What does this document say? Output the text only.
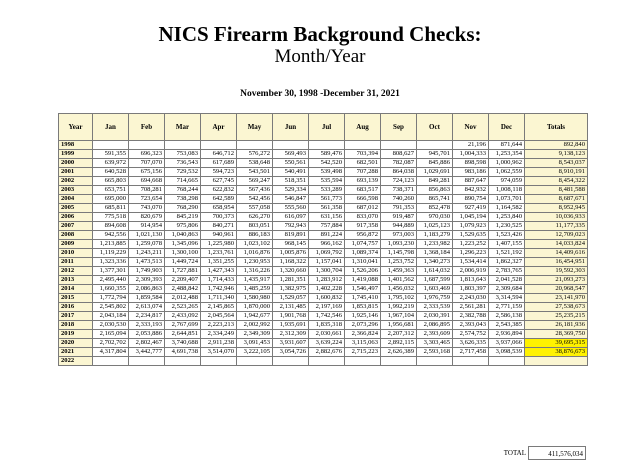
NICS Firearm Background Checks:
Month/Year
November 30, 1998 -December 31, 2021
Year	Jan	Feb	Mar	Apr	May	Jun	Jul	Aug	Sep	Oct	Nov	Dec	Totals
1998											21,196	871,644	892,840
1999	591,355	696,323	753,083	646,712	576,272	569,493	589,476	703,394	808,627	945,701	1,004,333	1,253,354	9,138,123
2000	639,972	707,070	736,543	617,689	538,648	550,561	542,520	682,501	782,087	845,886	898,598	1,000,962	8,543,037
2001	640,528	675,156	729,532	594,723	543,501	540,491	539,498	707,288	864,038	1,029,691	983,186	1,062,559	8,910,191
2002	665,803	694,668	714,665	627,745	569,247	518,351	535,594	693,139	724,123	849,281	887,647	974,059	8,454,322
2003	653,751	708,281	768,244	622,832	567,436	529,334	533,289	683,517	738,371	856,863	842,932	1,008,118	8,481,588
2004	695,000	723,654	738,298	642,589	542,456	546,847	561,773	666,598	740,260	865,741	890,754	1,073,701	8,687,671
2005	685,811	743,070	768,290	658,954	557,058	555,560	561,358	687,012	791,353	852,478	927,419	1,164,582	8,952,945
2006	775,518	820,679	845,219	700,373	626,270	616,097	631,156	833,070	919,487	970,030	1,045,194	1,253,840	10,036,933
2007	894,608	914,954	975,806	840,271	803,051	792,943	757,884	917,358	944,889	1,025,123	1,079,923	1,230,525	11,177,335
2008	942,556	1,021,130	1,040,863	940,961	886,183	819,891	891,224	956,872	973,003	1,183,279	1,529,635	1,523,426	12,709,023
2009	1,213,885	1,259,078	1,345,096	1,225,980	1,023,102	968,145	966,162	1,074,757	1,093,230	1,233,982	1,223,252	1,407,155	14,033,824
2010	1,119,229	1,243,211	1,300,100	1,233,761	1,016,876	1,005,876	1,069,792	1,089,374	1,145,798	1,368,184	1,296,223	1,521,192	14,409,616
2011	1,323,336	1,473,513	1,449,724	1,351,255	1,230,953	1,168,322	1,157,041	1,310,041	1,253,752	1,340,273	1,534,414	1,862,327	16,454,951
2012	1,377,301	1,749,903	1,727,881	1,427,343	1,316,226	1,320,660	1,300,704	1,526,206	1,459,363	1,614,032	2,006,919	2,783,765	19,592,303
2013	2,495,440	2,309,393	2,209,407	1,714,433	1,435,917	1,281,351	1,283,912	1,419,088	1,401,562	1,687,599	1,813,643	2,041,528	21,093,273
2014	1,660,355	2,086,863	2,488,842	1,742,946	1,485,259	1,382,975	1,402,228	1,546,497	1,456,032	1,603,469	1,803,397	2,309,684	20,968,547
2015	1,772,794	1,859,584	2,012,488	1,711,340	1,580,980	1,529,057	1,600,832	1,745,410	1,795,102	1,976,759	2,243,030	3,314,594	23,141,970
2016	2,545,802	2,613,074	2,523,265	2,145,865	1,870,000	2,131,485	2,197,169	1,853,815	1,992,219	2,333,539	2,561,281	2,771,159	27,538,673
2017	2,043,184	2,234,817	2,433,092	2,045,564	1,942,677	1,901,768	1,742,546	1,925,146	1,967,104	2,030,391	2,382,788	2,586,138	25,235,215
2018	2,030,530	2,333,193	2,767,699	2,223,213	2,002,992	1,935,691	1,835,318	2,073,296	1,956,681	2,086,895	2,393,043	2,543,385	26,181,936
2019	2,165,094	2,053,886	2,644,851	2,334,249	2,349,309	2,312,309	2,030,661	2,366,824	2,207,312	2,393,609	2,574,752	2,936,894	28,369,750
2020	2,702,702	2,802,467	3,740,688	2,911,238	3,091,453	3,931,607	3,639,224	3,115,063	2,892,115	3,303,465	3,626,335	3,937,066	39,695,315
2021	4,317,804	3,442,777	4,691,738	3,514,070	3,222,105	3,054,726	2,882,676	2,715,223	2,626,389	2,593,168	2,717,458	3,098,539	38,876,673
2022													
TOTAL	411,576,034
